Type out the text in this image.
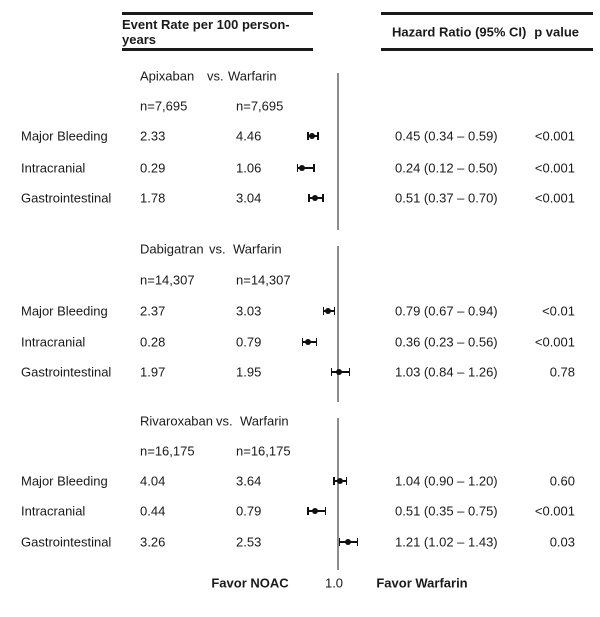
Event Rate per 100 person-years	Hazard Ratio (95% CI) p value
Apixaban vs. Warfarin
n=7,695	n=7,695
Major Bleeding 2.33	4.46	0.45 (0.34 – 0.59)	<0.001
Intracranial	0.29	1.06	0.24 (0.12 – 0.50)	<0.001
Gastrointestinal 1.78	3.04	0.51 (0.37 – 0.70)	<0.001
Dabigatran vs. Warfarin
n=14,307	n=14,307
Major Bleeding 2.37	3.03	0.79 (0.67 – 0.94)	<0.01
Intracranial	0.28	0.79	0.36 (0.23 – 0.56)	<0.001
Gastrointestinal 1.97	1.95	1.03 (0.84 – 1.26)	0.78
Rivaroxaban vs. Warfarin
n=16,175	n=16,175
Major Bleeding 4.04	3.64	1.04 (0.90 – 1.20)	0.60
Intracranial	0.44	0.79	0.51 (0.35 – 0.75)	<0.001
Gastrointestinal 3.26	2.53	1.21 (1.02 – 1.43)	0.03
Favor NOAC	1.0	Favor Warfarin
